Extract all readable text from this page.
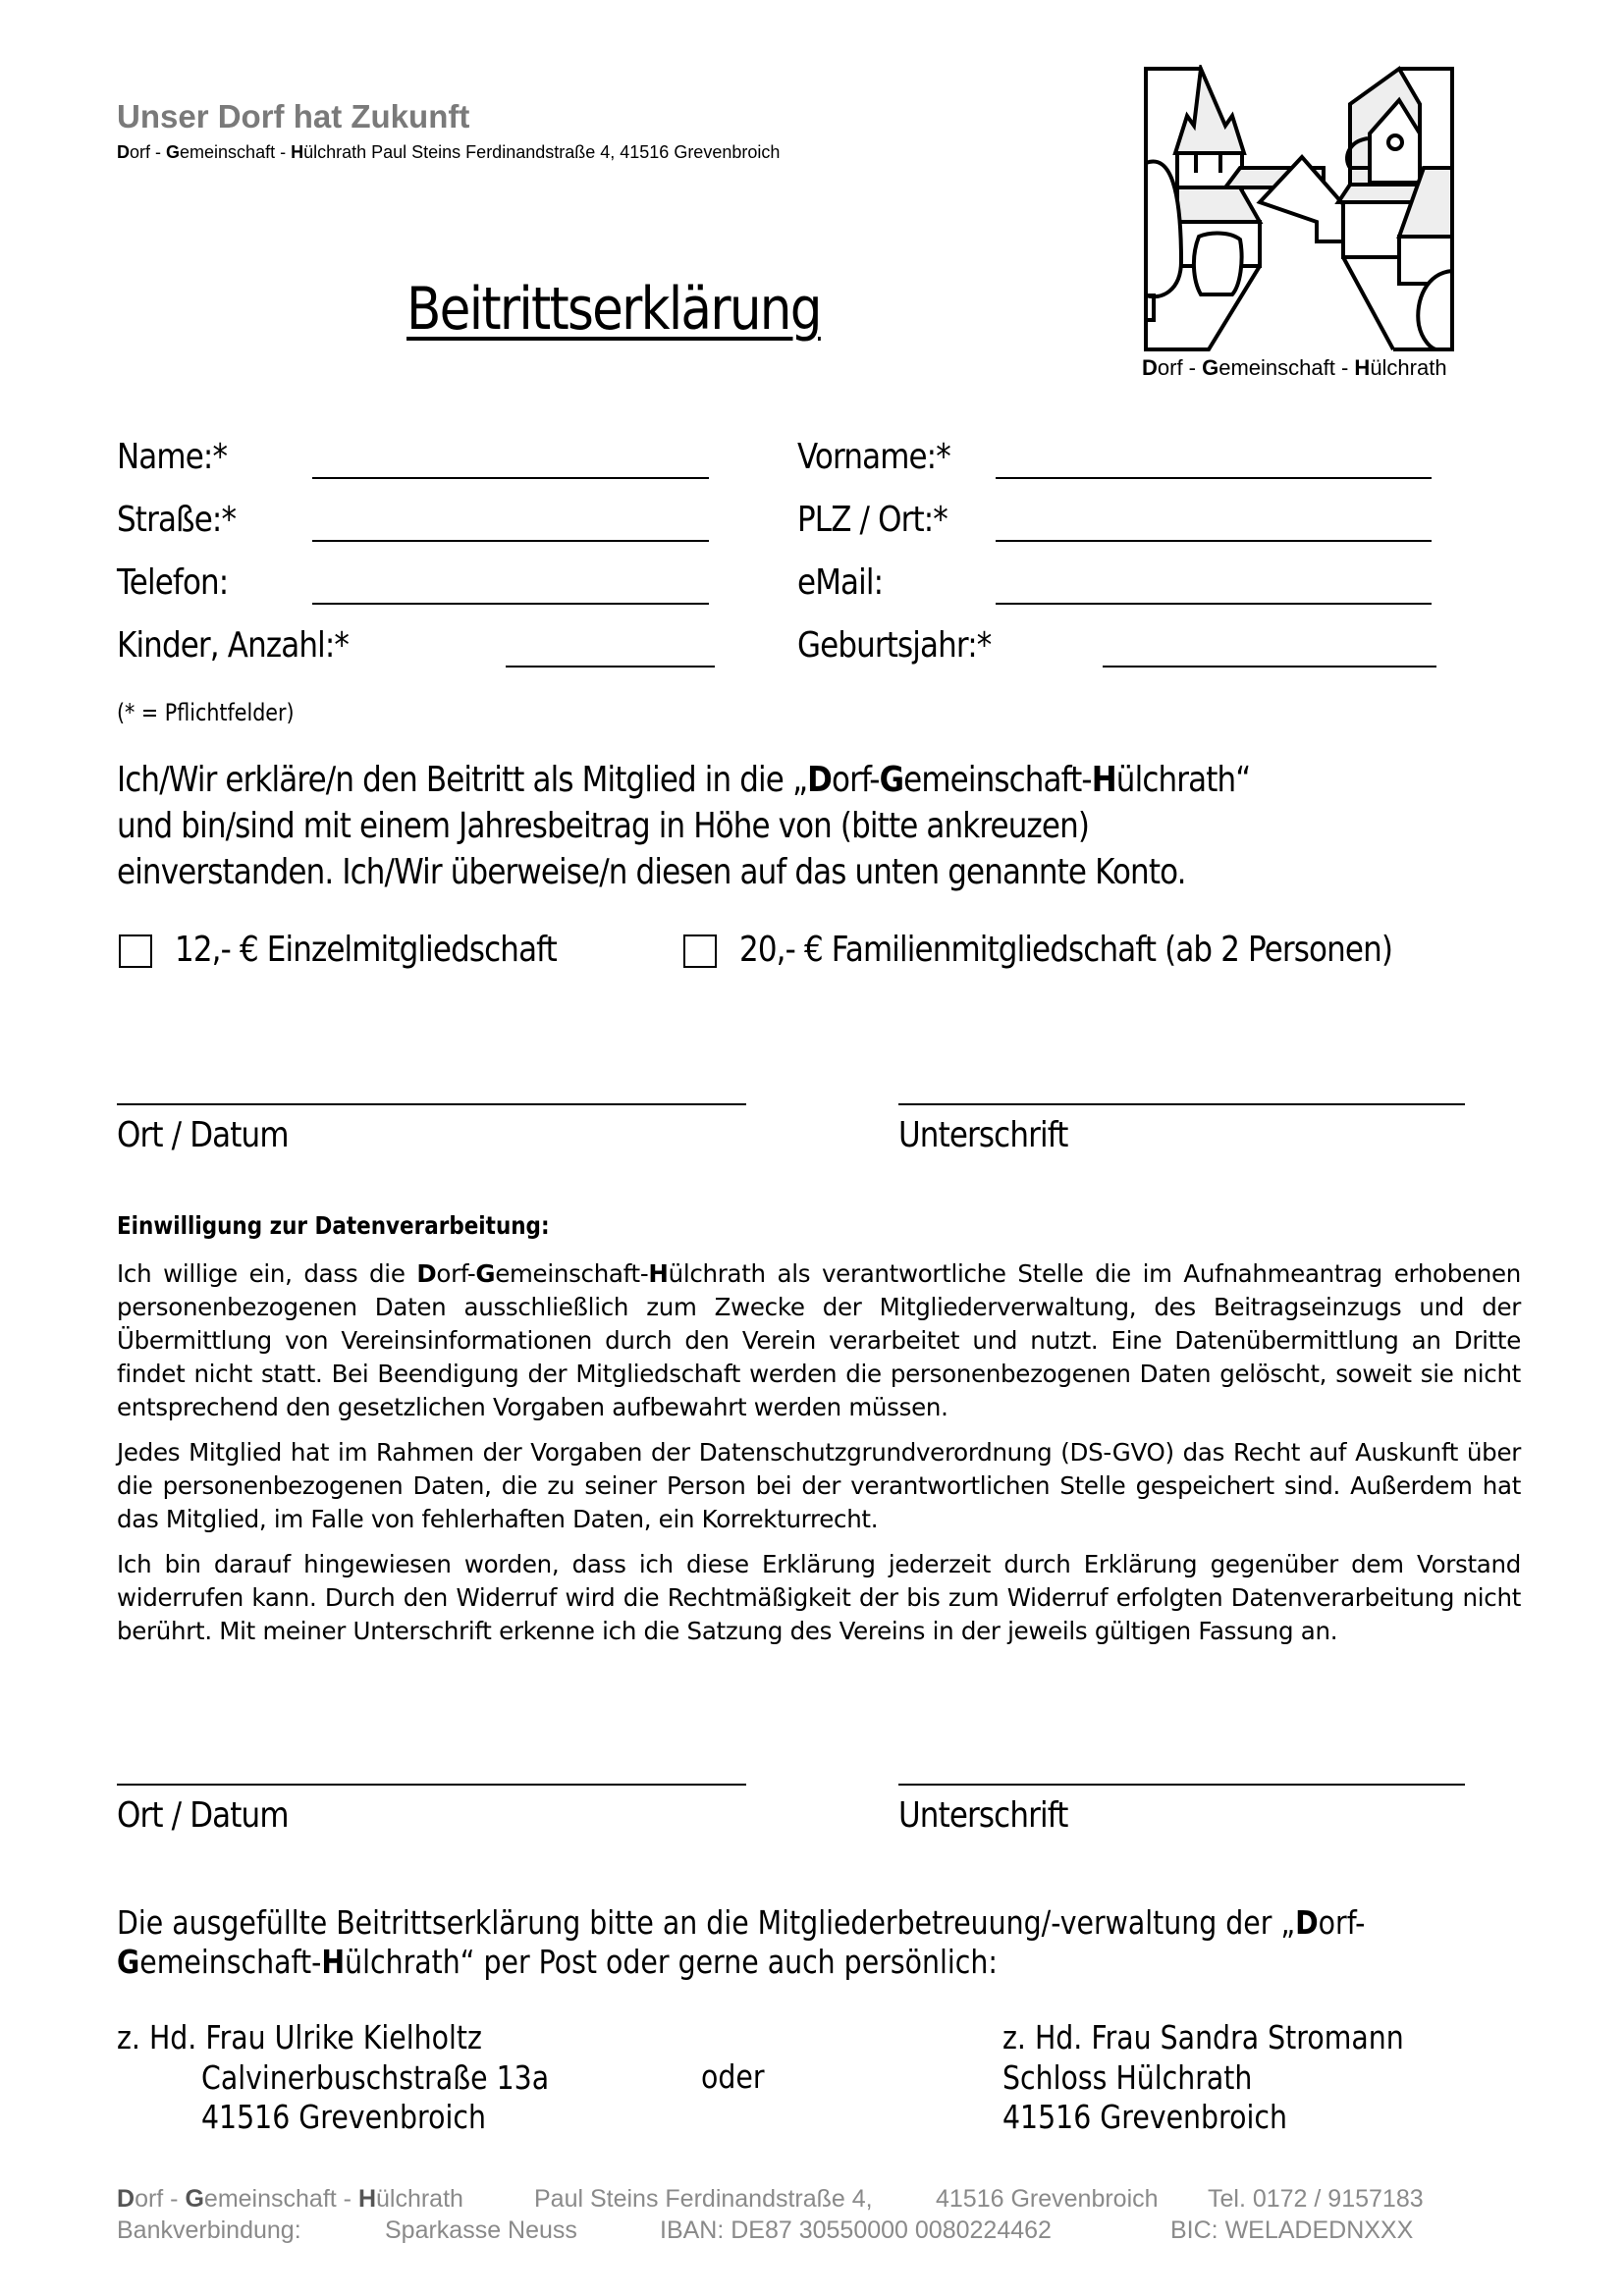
Unser Dorf hat Zukunft
Dorf - Gemeinschaft - Hülchrath Paul Steins Ferdinandstraße 4, 41516 Grevenbroich
Dorf - Gemeinschaft - Hülchrath
Beitrittserklärung
Name:*	Vorname:*
Straße:*	PLZ / Ort:*
Telefon:	eMail:
Kinder, Anzahl:*	Geburtsjahr:*
(* = Pflichtfelder)
Ich/Wir erkläre/n den Beitritt als Mitglied in die „Dorf-Gemeinschaft-Hülchrath“
und bin/sind mit einem Jahresbeitrag in Höhe von (bitte ankreuzen)
einverstanden. Ich/Wir überweise/n diesen auf das unten genannte Konto.
12,- € Einzelmitgliedschaft	20,- € Familienmitgliedschaft (ab 2 Personen)
Ort / Datum	Unterschrift
Einwilligung zur Datenverarbeitung:

Ich willige ein, dass die Dorf-Gemeinschaft-Hülchrath als verantwortliche Stelle die im Aufnahmeantrag erhobenen personenbezogenen Daten ausschließlich zum Zwecke der Mitgliederverwaltung, des Beitragseinzugs und der Übermittlung von Vereinsinformationen durch den Verein verarbeitet und nutzt. Eine Datenübermittlung an Dritte findet nicht statt. Bei Beendigung der Mitgliedschaft werden die personenbezogenen Daten gelöscht, soweit sie nicht entsprechend den gesetzlichen Vorgaben aufbewahrt werden müssen.

Jedes Mitglied hat im Rahmen der Vorgaben der Datenschutzgrundverordnung (DS-GVO) das Recht auf Auskunft über die personenbezogenen Daten, die zu seiner Person bei der verantwortlichen Stelle gespeichert sind. Außerdem hat das Mitglied, im Falle von fehlerhaften Daten, ein Korrekturrecht.

Ich bin darauf hingewiesen worden, dass ich diese Erklärung jederzeit durch Erklärung gegenüber dem Vorstand widerrufen kann. Durch den Widerruf wird die Rechtmäßigkeit der bis zum Widerruf erfolgten Datenverarbeitung nicht berührt. Mit meiner Unterschrift erkenne ich die Satzung des Vereins in der jeweils gültigen Fassung an.

Ort / Datum	Unterschrift
Die ausgefüllte Beitrittserklärung bitte an die Mitgliederbetreuung/-verwaltung der „Dorf-
Gemeinschaft-Hülchrath“ per Post oder gerne auch persönlich:
z. Hd. Frau Ulrike Kielholtz
Calvinerbuschstraße 13a
41516 Grevenbroich
oder
z. Hd. Frau Sandra Stromann
Schloss Hülchrath
41516 Grevenbroich
Dorf - Gemeinschaft - Hülchrath	Paul Steins Ferdinandstraße 4,	41516 Grevenbroich Tel. 0172 / 9157183
Bankverbindung:	Sparkasse Neuss	IBAN: DE87 30550000 0080224462	BIC: WELADEDNXXX
